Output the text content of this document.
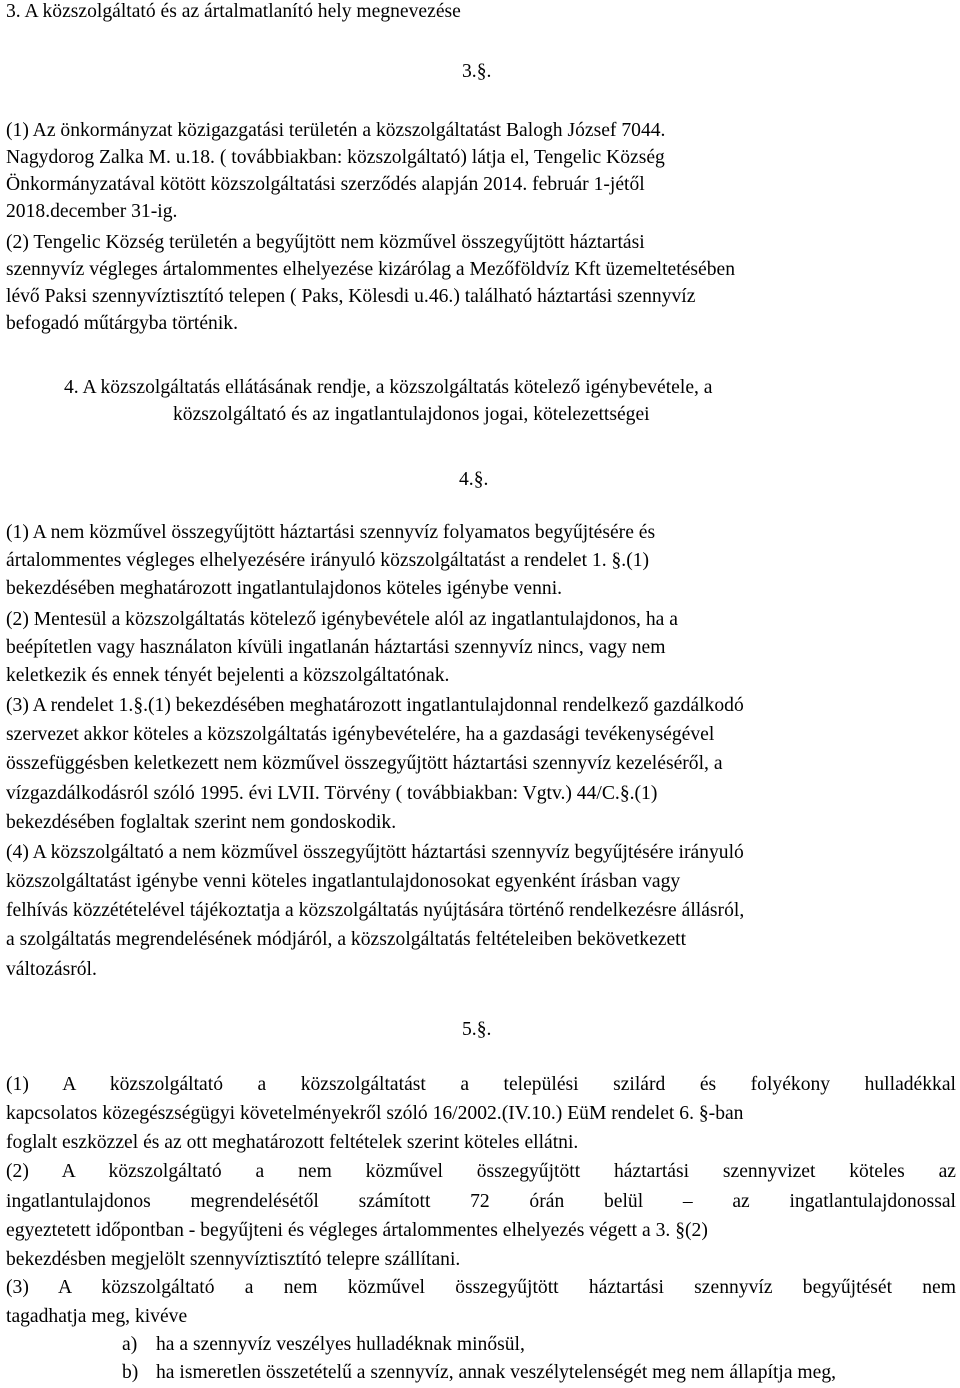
3. A közszolgáltató és az ártalmatlanító hely megnevezése
3.§.
(1) Az önkormányzat közigazgatási területén a közszolgáltatást Balogh József 7044.
Nagydorog Zalka M. u.18. ( továbbiakban: közszolgáltató) látja el, Tengelic Község
Önkormányzatával kötött közszolgáltatási szerződés alapján 2014. február 1-jétől
2018.december 31-ig.
(2) Tengelic Község területén a begyűjtött nem közművel összegyűjtött háztartási
szennyvíz végleges ártalommentes elhelyezése kizárólag a Mezőföldvíz Kft üzemeltetésében
lévő Paksi szennyvíztisztító telepen ( Paks, Kölesdi u.46.) található háztartási szennyvíz
befogadó műtárgyba történik.
4. A közszolgáltatás ellátásának rendje, a közszolgáltatás kötelező igénybevétele, a
közszolgáltató és az ingatlantulajdonos jogai, kötelezettségei
4.§.
(1) A nem közművel összegyűjtött háztartási szennyvíz folyamatos begyűjtésére és
ártalommentes végleges elhelyezésére irányuló közszolgáltatást a rendelet 1. §.(1)
bekezdésében meghatározott ingatlantulajdonos köteles igénybe venni.
(2) Mentesül a közszolgáltatás kötelező igénybevétele alól az ingatlantulajdonos, ha a
beépítetlen vagy használaton kívüli ingatlanán háztartási szennyvíz nincs, vagy nem
keletkezik és ennek tényét bejelenti a közszolgáltatónak.
(3) A rendelet 1.§.(1) bekezdésében meghatározott ingatlantulajdonnal rendelkező gazdálkodó
szervezet akkor köteles a közszolgáltatás igénybevételére, ha a gazdasági tevékenységével
összefüggésben keletkezett nem közművel összegyűjtött háztartási szennyvíz kezeléséről, a
vízgazdálkodásról szóló 1995. évi LVII. Törvény ( továbbiakban: Vgtv.) 44/C.§.(1)
bekezdésében foglaltak szerint nem gondoskodik.
(4) A közszolgáltató a nem közművel összegyűjtött háztartási szennyvíz begyűjtésére irányuló
közszolgáltatást igénybe venni köteles ingatlantulajdonosokat egyenként írásban vagy
felhívás közzétételével tájékoztatja a közszolgáltatás nyújtására történő rendelkezésre állásról,
a szolgáltatás megrendelésének módjáról, a közszolgáltatás feltételeiben bekövetkezett
változásról.
5.§.
(1) A közszolgáltató a közszolgáltatást a települési szilárd és folyékony hulladékkal
kapcsolatos közegészségügyi követelményekről szóló 16/2002.(IV.10.) EüM rendelet 6. §-ban
foglalt eszközzel és az ott meghatározott feltételek szerint köteles ellátni.
(2) A közszolgáltató a nem közművel összegyűjtött háztartási szennyvizet köteles az
ingatlantulajdonos megrendelésétől számított 72 órán belül – az ingatlantulajdonossal
egyeztetett időpontban - begyűjteni és végleges ártalommentes elhelyezés végett a 3. §(2)
bekezdésben megjelölt szennyvíztisztító telepre szállítani.
(3) A közszolgáltató a nem közművel összegyűjtött háztartási szennyvíz begyűjtését nem
tagadhatja meg, kivéve
a) ha a szennyvíz veszélyes hulladéknak minősül,
b) ha ismeretlen összetételű a szennyvíz, annak veszélytelenségét meg nem állapítja meg,
